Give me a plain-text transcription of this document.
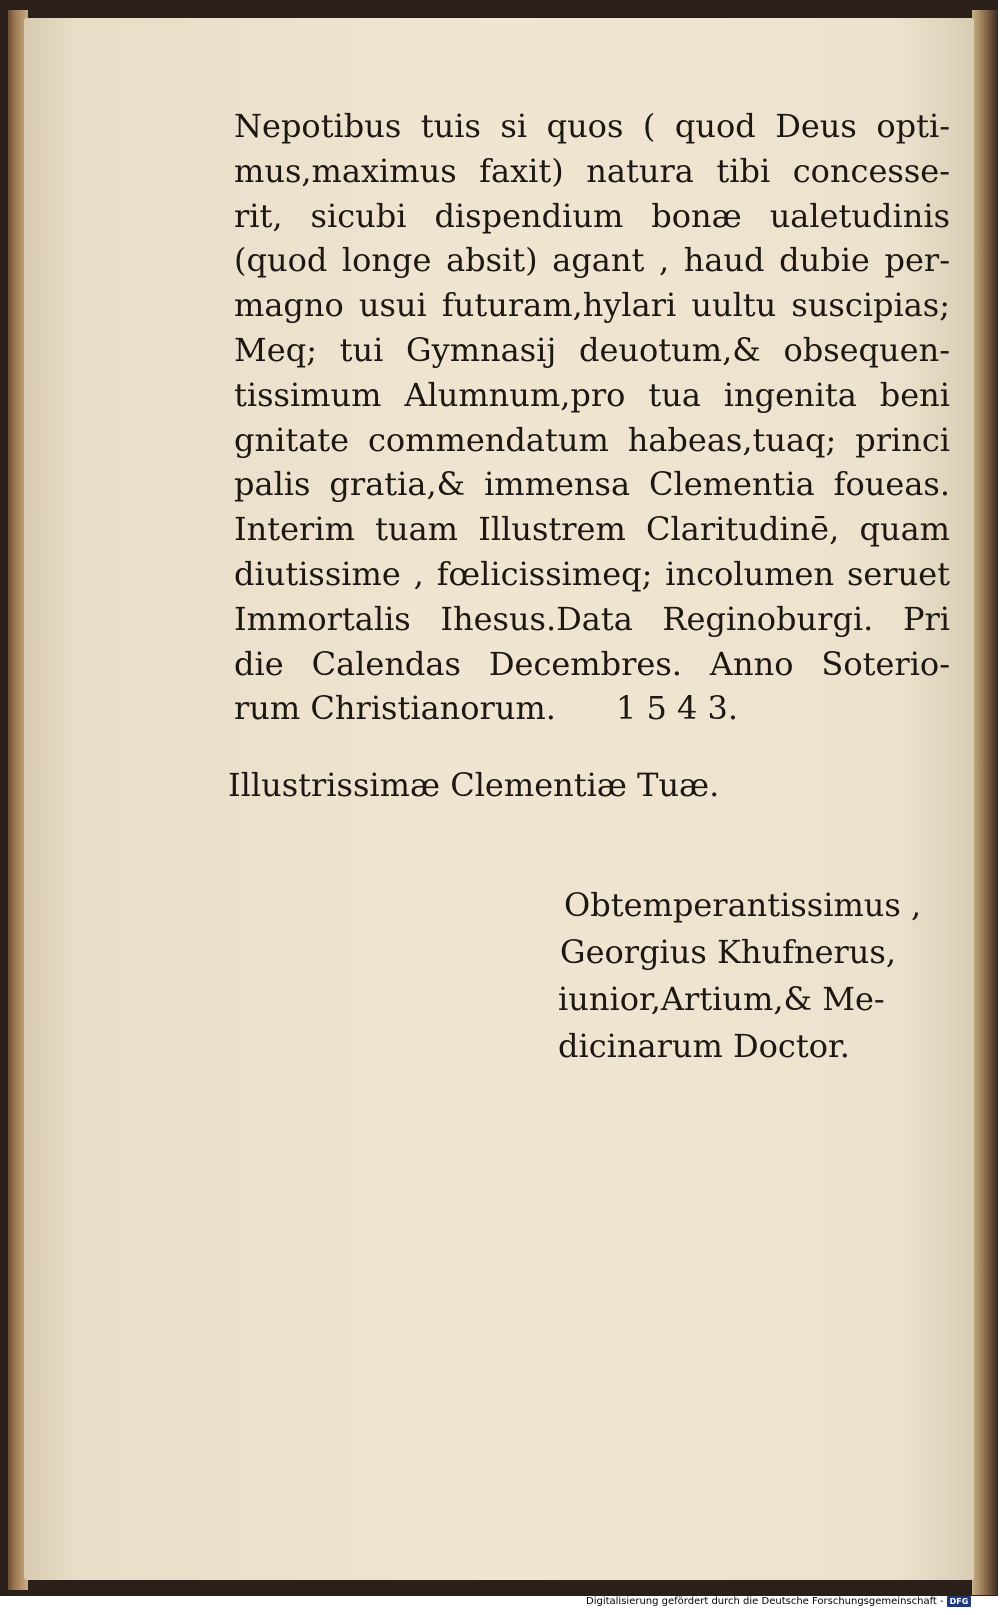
Nepotibus tuis si quos ( quod Deus opti-
mus,maximus faxit) natura tibi concesse-
rit, sicubi dispendium bonæ ualetudinis
(quod longe absit) agant , haud dubie per-
magno usui futuram,hylari uultu suscipias;
Meq; tui Gymnasij deuotum,& obsequen-
tissimum Alumnum,pro tua ingenita beni
gnitate commendatum habeas,tuaq; princi
palis gratia,& immensa Clementia foueas.
Interim tuam Illustrem Claritudinē, quam
diutissime , fœlicissimeq; incolumen seruet
Immortalis Ihesus.Data Reginoburgi. Pri
die Calendas Decembres. Anno Soterio-
rum Christianorum. 1 5 4 3.
Illustrissimæ Clementiæ Tuæ.
Obtemperantissimus ,
Georgius Khufnerus,
iunior,Artium,& Me-
dicinarum Doctor.
Digitalisierung gefördert durch die Deutsche Forschungsgemeinschaft - DFG
